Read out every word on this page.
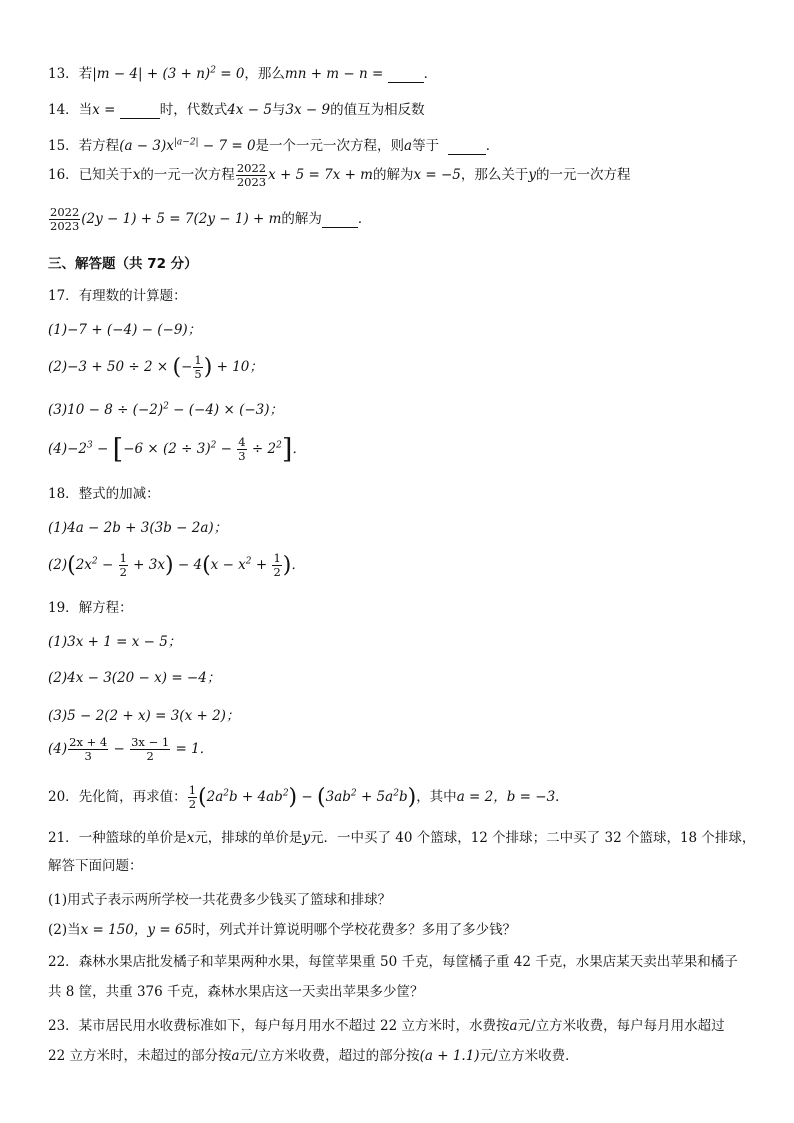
13．若$|m - 4| + (3 + n)^2 = 0$，那么mn + m − n =	．
14．当x =	时，代数式4x − 5与3x − 9的值互为相反数
15．若方程$(a - 3)x^{|a-2|} - 7 = 0$是一个一元一次方程，则a等于	．
16．已知关于x的一元一次方程 $\frac{2022}{2023}$ x + 5 = 7x + m的解为x = −5，那么关于y的一元一次方程
$\frac{2022}{2023} (2y - 1) + 5 = 7(2y - 1) + m$的解为	．
三、解答题（共 72 分）
17．有理数的计算题：
(1)−7 + (−4) − (−9)；
(2)−3 + 50 ÷ 2 × (− $\frac{1}{5}$ ) + 10；
$(3)10 - 8 \div (-2)^2 - (-4) \times (-3)$；
$(4)-2^3 - [-6 \times (2 \div 3)^2 - \frac{4}{3} \div 2^2]$．
18．整式的加减：
(1)4a − 2b + 3(3b − 2a)；
$(2)(2x^2 - \frac{1}{2} + 3x) - 4(x - x^2 + \frac{1}{2}$ )．
19．解方程：
(1)3x + 1 = x − 5；
(2)4x − 3(20 − x) = −4；
(3)5 − 2(2 + x) = 3(x + 2)；
$(4) \frac{2x + 4}{3} - \frac{3x - 1}{2} = 1$．
20．先化简，再求值： $\frac{1}{2} (2a^2b + 4ab^2) - (3ab^2 + 5a^2b)$，其中a = 2，b = −3．
21．一种篮球的单价是x元，排球的单价是y元．一中买了 40 个篮球，12 个排球；二中买了 32 个篮球，18 个排球，
解答下面问题：
(1)用式子表示两所学校一共花费多少钱买了篮球和排球？
(2)当x = 150，y = 65时，列式并计算说明哪个学校花费多？多用了多少钱？
22．森林水果店批发橘子和苹果两种水果，每筐苹果重 50 千克，每筐橘子重 42 千克，水果店某天卖出苹果和橘子
共 8 筐，共重 376 千克，森林水果店这一天卖出苹果多少筐？
23．某市居民用水收费标准如下，每户每月用水不超过 22 立方米时，水费按a元/立方米收费，每户每月用水超过
22 立方米时，未超过的部分按a元/立方米收费，超过的部分按(a + 1.1)元/立方米收费．
